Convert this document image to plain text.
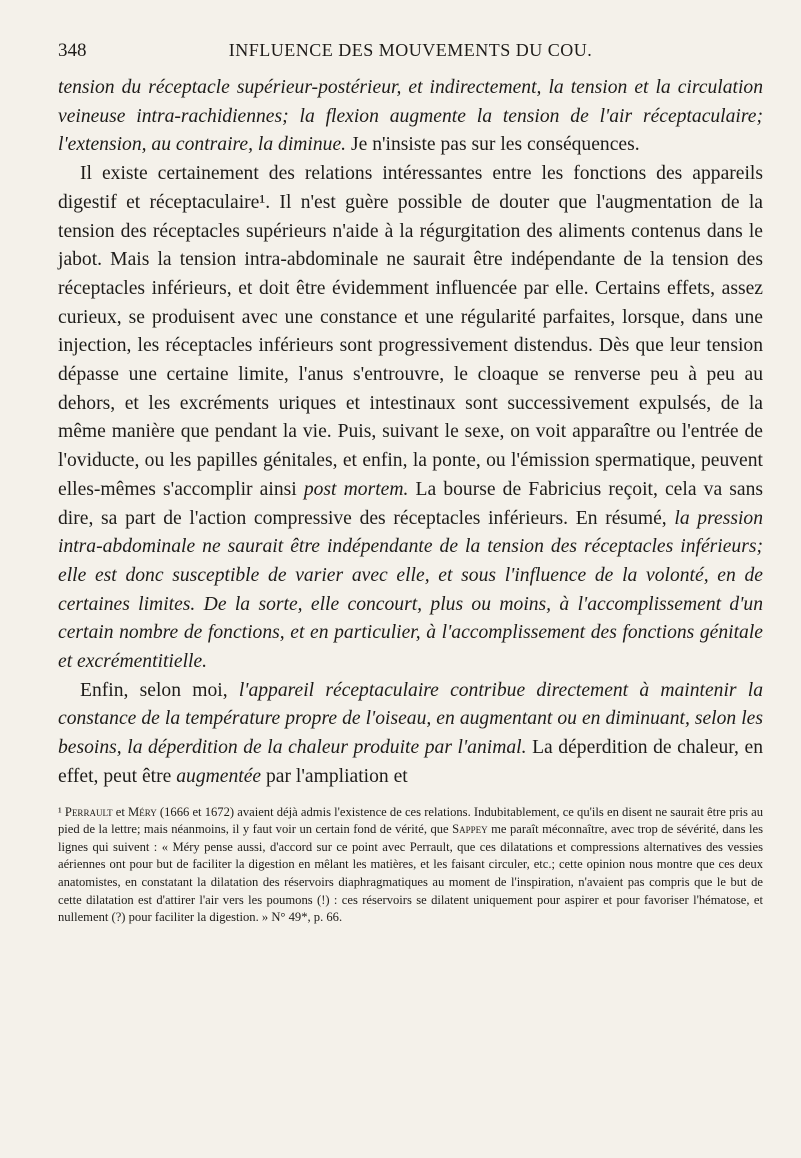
348	INFLUENCE DES MOUVEMENTS DU COU.

tension du réceptacle supérieur-postérieur, et indirectement, la tension et la circulation veineuse intra-rachidiennes; la flexion augmente la tension de l'air réceptaculaire; l'extension, au contraire, la diminue. Je n'insiste pas sur les conséquences.

Il existe certainement des relations intéressantes entre les fonctions des appareils digestif et réceptaculaire¹. Il n'est guère possible de douter que l'augmentation de la tension des réceptacles supérieurs n'aide à la régurgitation des aliments contenus dans le jabot. Mais la tension intra-abdominale ne saurait être indépendante de la tension des réceptacles inférieurs, et doit être évidemment influencée par elle. Certains effets, assez curieux, se produisent avec une constance et une régularité parfaites, lorsque, dans une injection, les réceptacles inférieurs sont progressivement distendus. Dès que leur tension dépasse une certaine limite, l'anus s'entrouvre, le cloaque se renverse peu à peu au dehors, et les excréments uriques et intestinaux sont successivement expulsés, de la même manière que pendant la vie. Puis, suivant le sexe, on voit apparaître ou l'entrée de l'oviducte, ou les papilles génitales, et enfin, la ponte, ou l'émission spermatique, peuvent elles-mêmes s'accomplir ainsi post mortem. La bourse de Fabricius reçoit, cela va sans dire, sa part de l'action compressive des réceptacles inférieurs. En résumé, la pression intra-abdominale ne saurait être indépendante de la tension des réceptacles inférieurs; elle est donc susceptible de varier avec elle, et sous l'influence de la volonté, en de certaines limites. De la sorte, elle concourt, plus ou moins, à l'accomplissement d'un certain nombre de fonctions, et en particulier, à l'accomplissement des fonctions génitale et excrémentitielle.

Enfin, selon moi, l'appareil réceptaculaire contribue directement à maintenir la constance de la température propre de l'oiseau, en augmentant ou en diminuant, selon les besoins, la déperdition de la chaleur produite par l'animal. La déperdition de chaleur, en effet, peut être augmentée par l'ampliation et

¹ Perrault et Méry (1666 et 1672) avaient déjà admis l'existence de ces relations. Indubitablement, ce qu'ils en disent ne saurait être pris au pied de la lettre; mais néanmoins, il y faut voir un certain fond de vérité, que Sappey me paraît méconnaître, avec trop de sévérité, dans les lignes qui suivent : « Méry pense aussi, d'accord sur ce point avec Perrault, que ces dilatations et compressions alternatives des vessies aériennes ont pour but de faciliter la digestion en mêlant les matières, et les faisant circuler, etc.; cette opinion nous montre que ces deux anatomistes, en constatant la dilatation des réservoirs diaphragmatiques au moment de l'inspiration, n'avaient pas compris que le but de cette dilatation est d'attirer l'air vers les poumons (!) : ces réservoirs se dilatent uniquement pour aspirer et pour favoriser l'hématose, et nullement (?) pour faciliter la digestion. » N° 49*, p. 66.
